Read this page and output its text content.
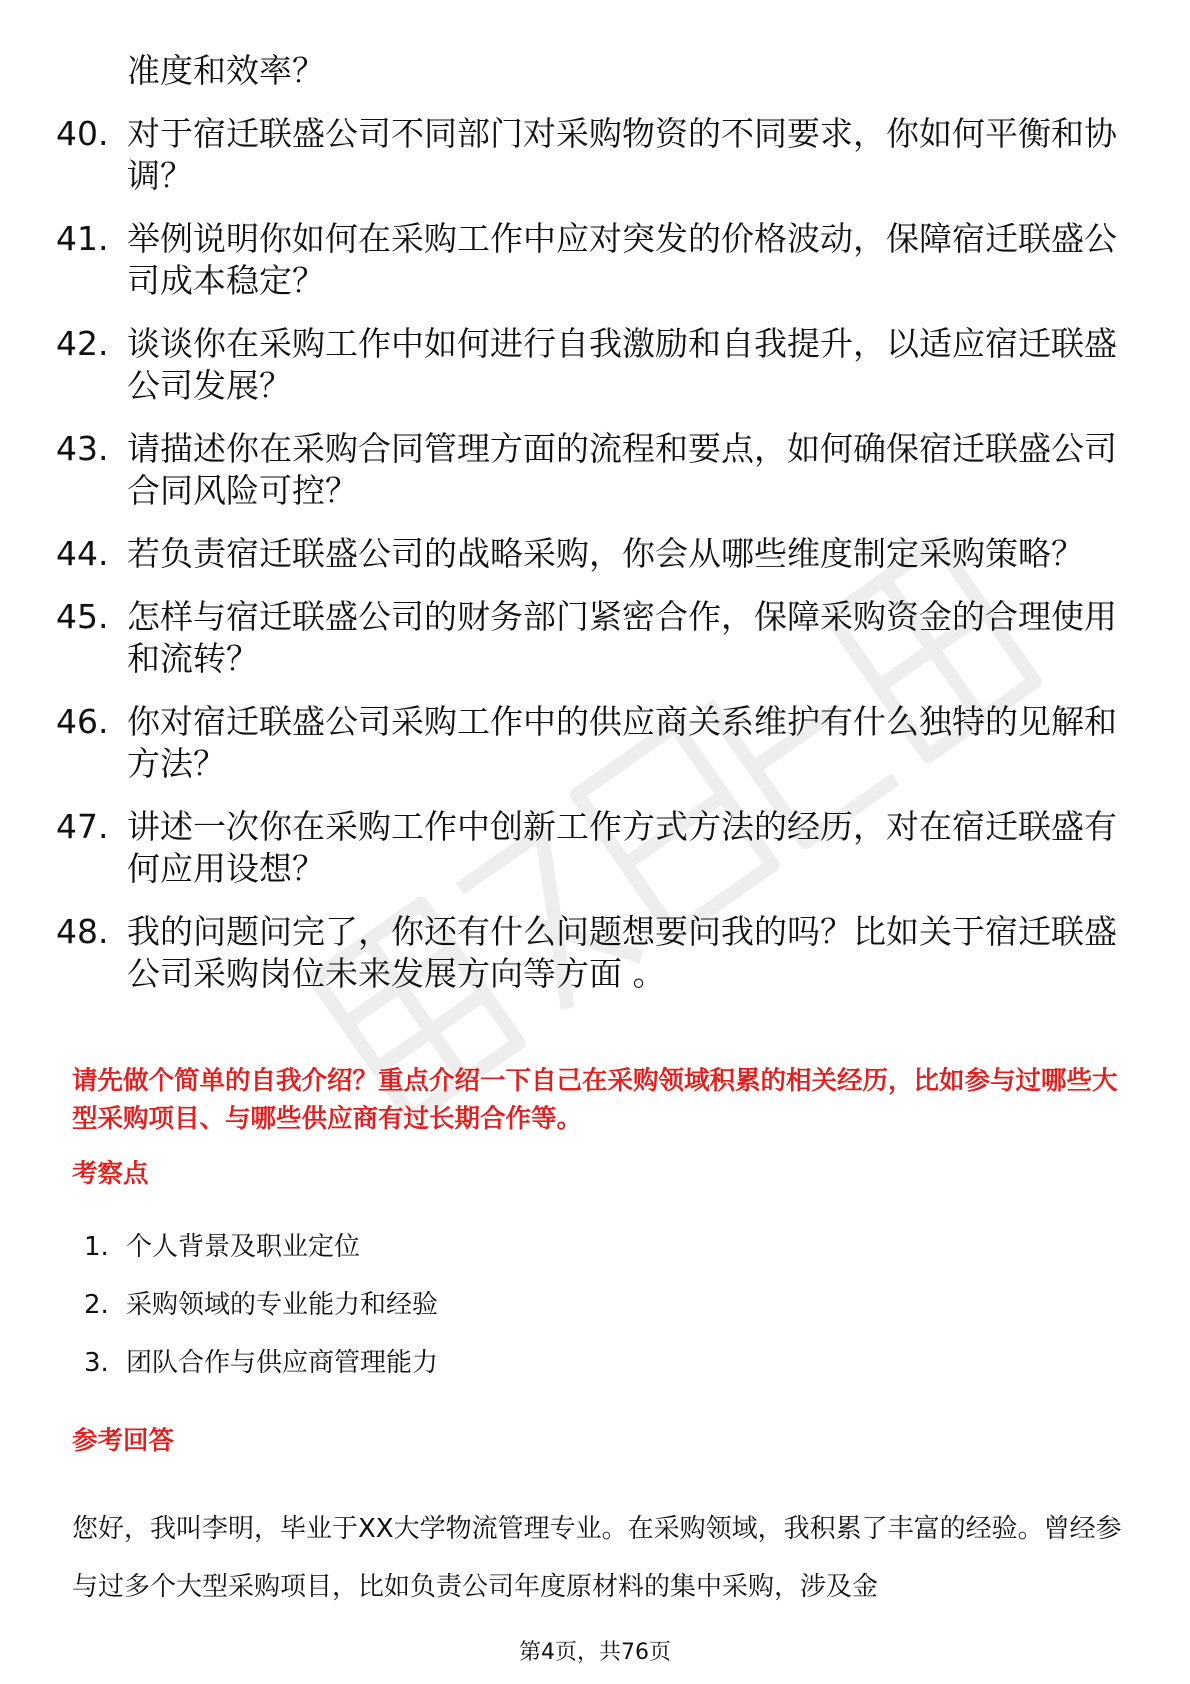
准度和效率？
40. 对于宿迁联盛公司不同部门对采购物资的不同要求，你如何平衡和协调？
41. 举例说明你如何在采购工作中应对突发的价格波动，保障宿迁联盛公司成本稳定？
42. 谈谈你在采购工作中如何进行自我激励和自我提升，以适应宿迁联盛公司发展？
43. 请描述你在采购合同管理方面的流程和要点，如何确保宿迁联盛公司合同风险可控？
44. 若负责宿迁联盛公司的战略采购，你会从哪些维度制定采购策略？
45. 怎样与宿迁联盛公司的财务部门紧密合作，保障采购资金的合理使用和流转？
46. 你对宿迁联盛公司采购工作中的供应商关系维护有什么独特的见解和方法？
47. 讲述一次你在采购工作中创新工作方式方法的经历，对在宿迁联盛有何应用设想？
48. 我的问题问完了，你还有什么问题想要问我的吗？比如关于宿迁联盛公司采购岗位未来发展方向等方面 。
请先做个简单的自我介绍？重点介绍一下自己在采购领域积累的相关经历，比如参与过哪些大型采购项目、与哪些供应商有过长期合作等。
考察点
1. 个人背景及职业定位
2. 采购领域的专业能力和经验
3. 团队合作与供应商管理能力
参考回答

您好，我叫李明，毕业于XX大学物流管理专业。在采购领域，我积累了丰富的经验。曾经参与过多个大型采购项目，比如负责公司年度原材料的集中采购，涉及金

第4页，共76页
